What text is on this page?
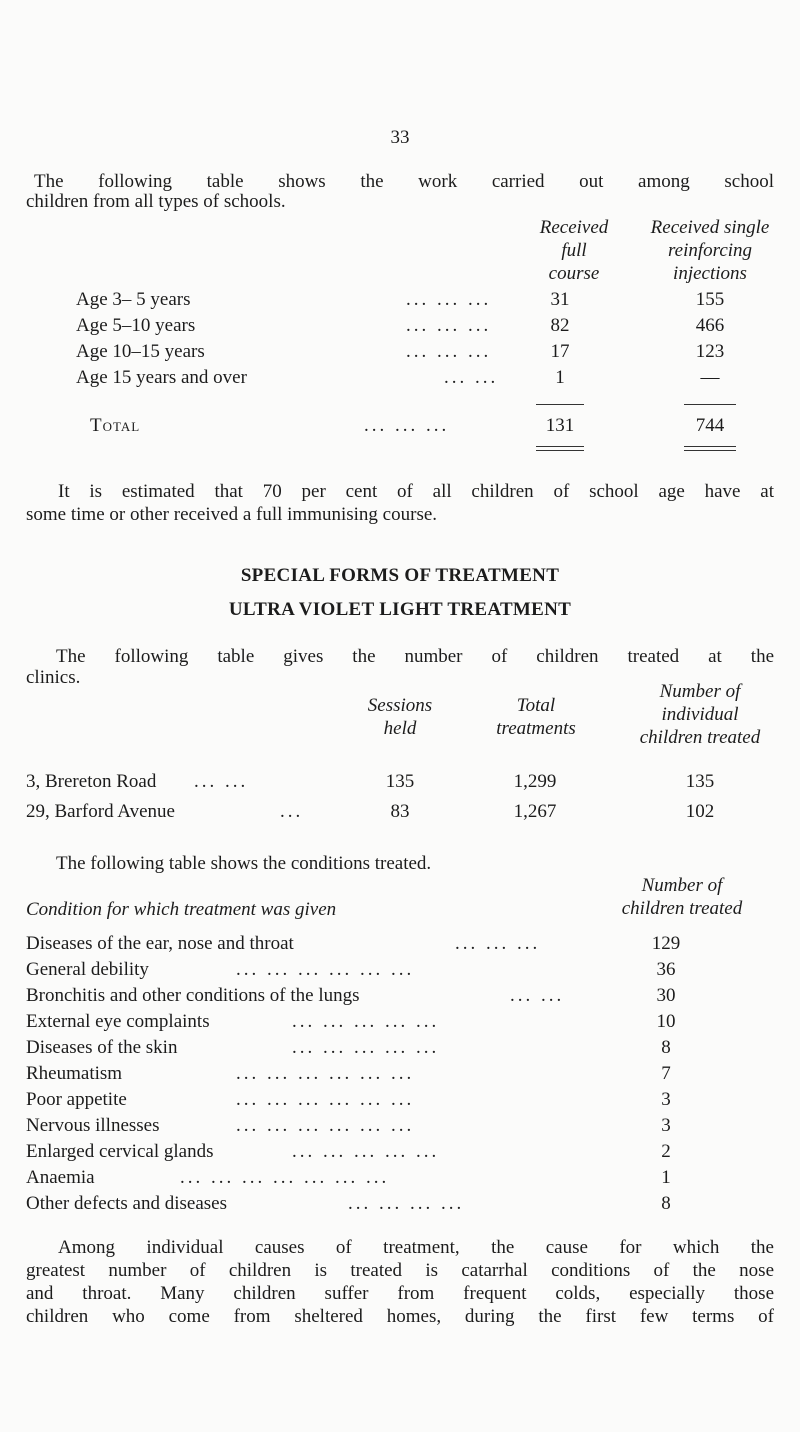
33
The following table shows the work carried out among school
children from all types of schools.
Received
full
course
Received single
reinforcing
injections
Age 3– 5 years	... ... ...	31	155
Age 5–10 years	... ... ...	82	466
Age 10–15 years	... ... ...	17	123
Age 15 years and over	... ...	1	—
Total	... ... ...	131	744
It is estimated that 70 per cent of all children of school age have at
some time or other received a full immunising course.
SPECIAL FORMS OF TREATMENT
ULTRA VIOLET LIGHT TREATMENT
The following table gives the number of children treated at the
clinics.
Sessions
held
Total
treatments
Number of
individual
children treated
3, Brereton Road ... ...	135	1,299	135
29, Barford Avenue	...	83	1,267	102
The following table shows the conditions treated.
Condition for which treatment was given
Number of
children treated
Diseases of the ear, nose and throat	... ... ...	129
General debility	... ... ... ... ... ...	36
Bronchitis and other conditions of the lungs	... ...	30
External eye complaints	... ... ... ... ...	10
Diseases of the skin	... ... ... ... ...	8
Rheumatism	... ... ... ... ... ...	7
Poor appetite	... ... ... ... ... ...	3
Nervous illnesses	... ... ... ... ... ...	3
Enlarged cervical glands	... ... ... ... ...	2
Anaemia	... ... ... ... ... ... ...	1
Other defects and diseases	... ... ... ...	8
Among individual causes of treatment, the cause for which the
greatest number of children is treated is catarrhal conditions of the nose
and throat. Many children suffer from frequent colds, especially those
children who come from sheltered homes, during the first few terms of
